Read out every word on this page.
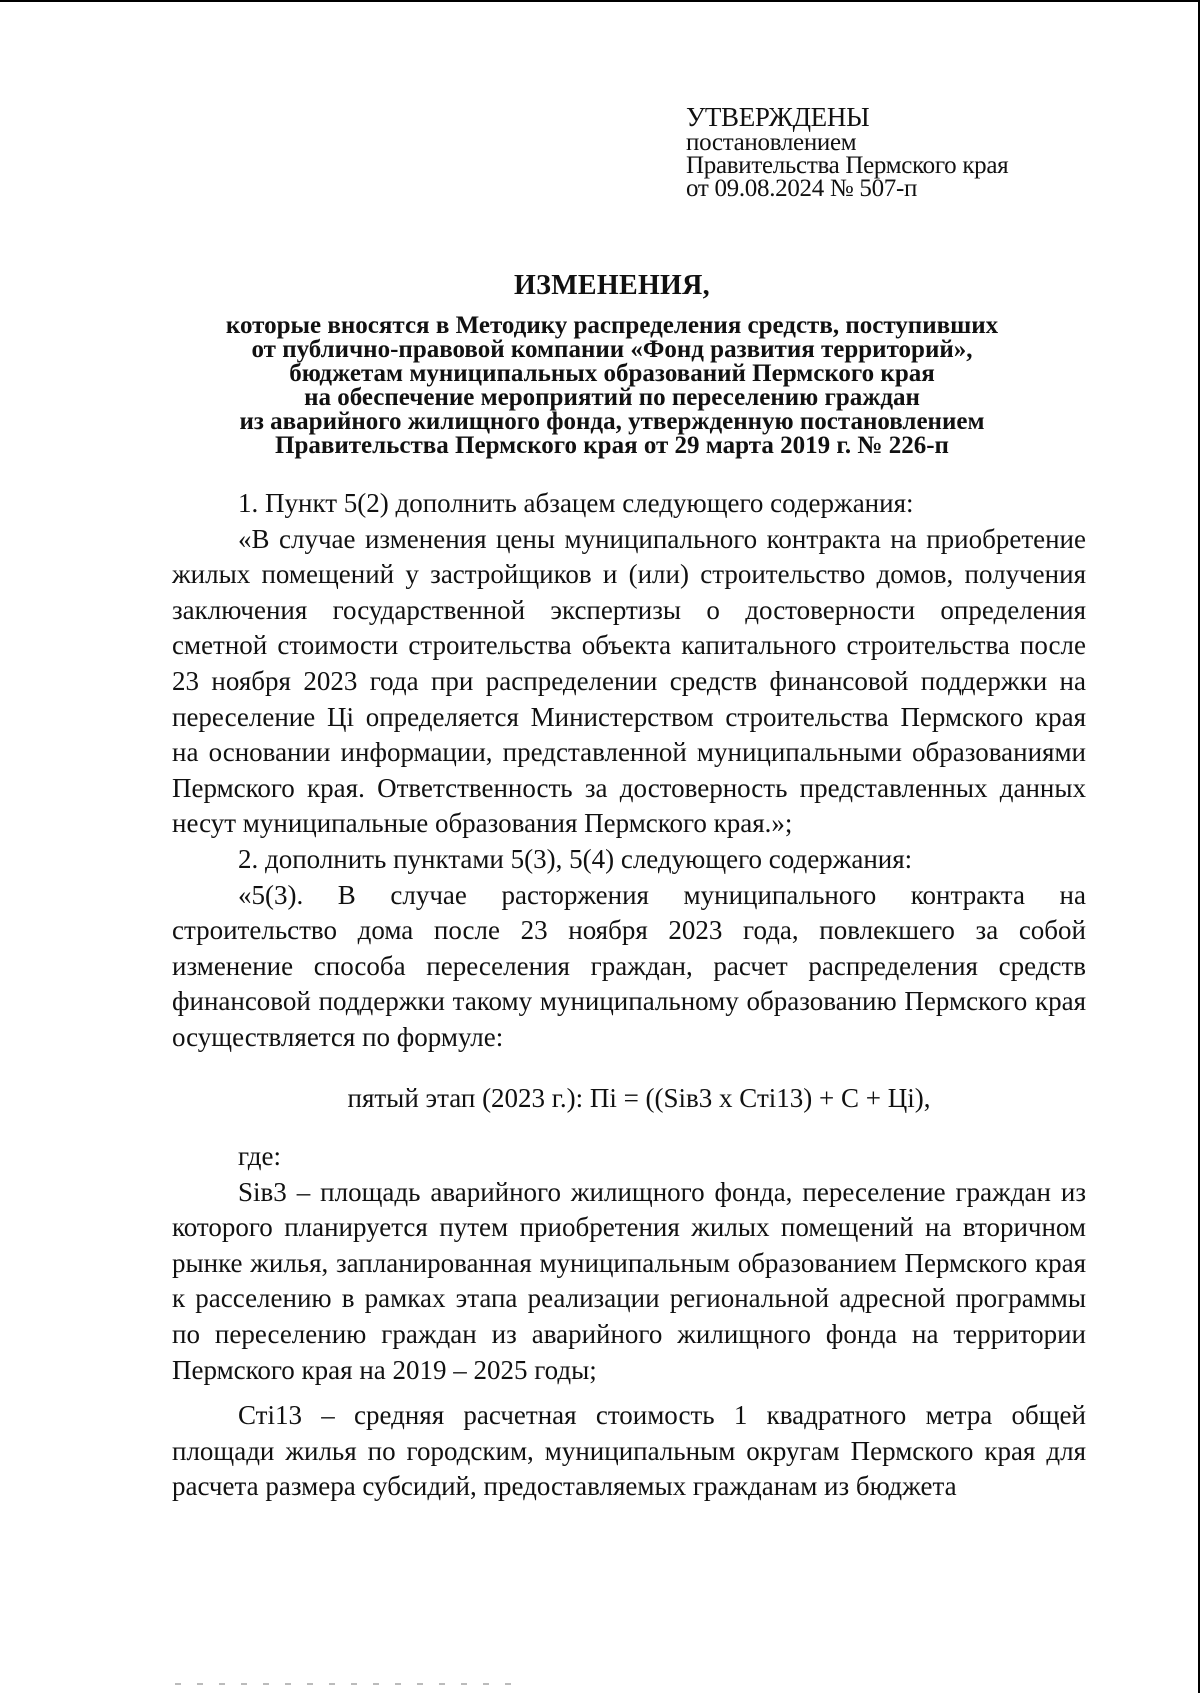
УТВЕРЖДЕНЫ
постановлением
Правительства Пермского края
от 09.08.2024 № 507-п
ИЗМЕНЕНИЯ,
которые вносятся в Методику распределения средств, поступивших
от публично-правовой компании «Фонд развития территорий»,
бюджетам муниципальных образований Пермского края
на обеспечение мероприятий по переселению граждан
из аварийного жилищного фонда, утвержденную постановлением
Правительства Пермского края от 29 марта 2019 г. № 226-п

1. Пункт 5(2) дополнить абзацем следующего содержания:

«В случае изменения цены муниципального контракта на приобретение жилых помещений у застройщиков и (или) строительство домов, получения заключения государственной экспертизы о достоверности определения сметной стоимости строительства объекта капитального строительства после 23 ноября 2023 года при распределении средств финансовой поддержки на переселение Ці определяется Министерством строительства Пермского края на основании информации, представленной муниципальными образованиями Пермского края. Ответственность за достоверность представленных данных несут муниципальные образования Пермского края.»;

2. дополнить пунктами 5(3), 5(4) следующего содержания:

«5(3). В случае расторжения муниципального контракта на строительство дома после 23 ноября 2023 года, повлекшего за собой изменение способа переселения граждан, расчет распределения средств финансовой поддержки такому муниципальному образованию Пермского края осуществляется по формуле:

пятый этап (2023 г.): Пі = ((Sів3 х Сті13) + С + Ці),

где:

Sів3 – площадь аварийного жилищного фонда, переселение граждан из которого планируется путем приобретения жилых помещений на вторичном рынке жилья, запланированная муниципальным образованием Пермского края к расселению в рамках этапа реализации региональной адресной программы по переселению граждан из аварийного жилищного фонда на территории Пермского края на 2019 – 2025 годы;

Сті13 – средняя расчетная стоимость 1 квадратного метра общей площади жилья по городским, муниципальным округам Пермского края для расчета размера субсидий, предоставляемых гражданам из бюджета
